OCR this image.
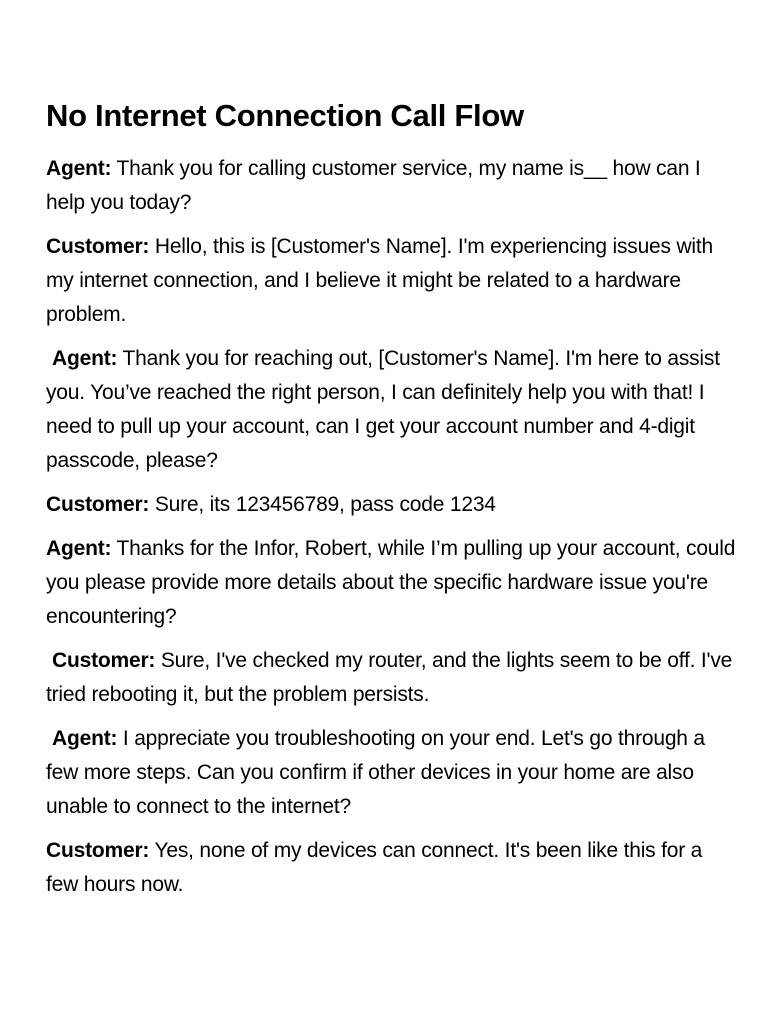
No Internet Connection Call Flow

Agent: Thank you for calling customer service, my name is__ how can I help you today?

Customer: Hello, this is [Customer's Name]. I'm experiencing issues with my internet connection, and I believe it might be related to a hardware problem.

Agent: Thank you for reaching out, [Customer's Name]. I'm here to assist you. You’ve reached the right person, I can definitely help you with that! I need to pull up your account, can I get your account number and 4-digit passcode, please?

Customer: Sure, its 123456789, pass code 1234

Agent: Thanks for the Infor, Robert, while I’m pulling up your account, could you please provide more details about the specific hardware issue you're encountering?

Customer: Sure, I've checked my router, and the lights seem to be off. I've tried rebooting it, but the problem persists.

Agent: I appreciate you troubleshooting on your end. Let's go through a few more steps. Can you confirm if other devices in your home are also unable to connect to the internet?

Customer: Yes, none of my devices can connect. It's been like this for a few hours now.
